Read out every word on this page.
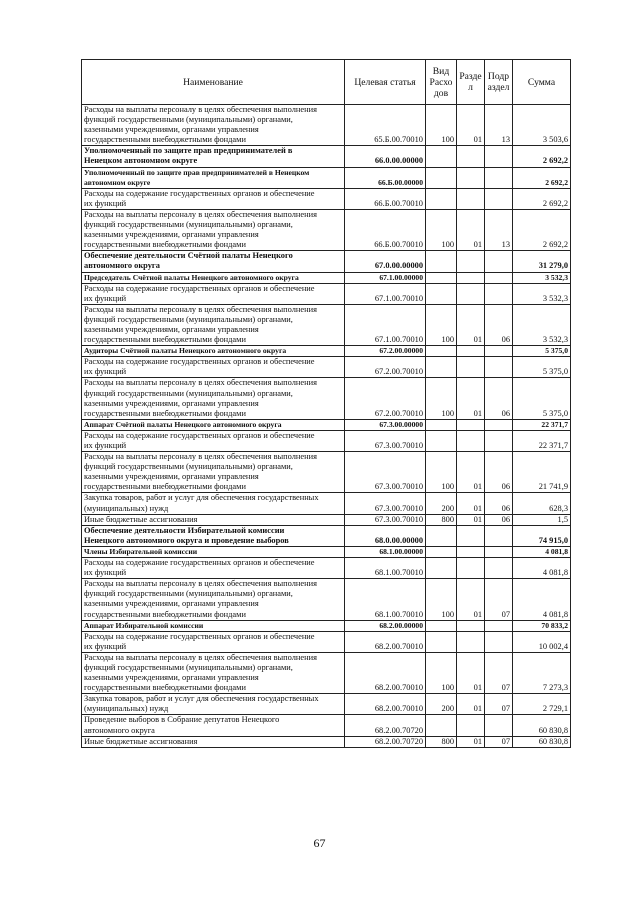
Наименование	Целевая статья	Вид Расхо дов	Разде л	Подр аздел	Сумма

Расходы на выплаты персоналу в целях обеспечения выполнения
функций государственными (муниципальными) органами,
казенными учреждениями, органами управления
государственными внебюджетными фондами	65.Б.00.70010	100	01	13	3 503,6

Уполномоченный по защите прав предпринимателей в
Ненецком автономном округе	66.0.00.00000				2 692,2

Уполномоченный по защите прав предпринимателей в Ненецком
автономном округе	66.Б.00.00000				2 692,2

Расходы на содержание государственных органов и обеспечение
их функций	66.Б.00.70010				2 692,2

Расходы на выплаты персоналу в целях обеспечения выполнения
функций государственными (муниципальными) органами,
казенными учреждениями, органами управления
государственными внебюджетными фондами	66.Б.00.70010	100	01	13	2 692,2

Обеспечение деятельности Счётной палаты Ненецкого
автономного округа	67.0.00.00000				31 279,0

Председатель Счётной палаты Ненецкого автономного округа	67.1.00.00000				3 532,3

Расходы на содержание государственных органов и обеспечение
их функций	67.1.00.70010				3 532,3

Расходы на выплаты персоналу в целях обеспечения выполнения
функций государственными (муниципальными) органами,
казенными учреждениями, органами управления
государственными внебюджетными фондами	67.1.00.70010	100	01	06	3 532,3

Аудиторы Счётной палаты Ненецкого автономного округа	67.2.00.00000				5 375,0

Расходы на содержание государственных органов и обеспечение
их функций	67.2.00.70010				5 375,0

Расходы на выплаты персоналу в целях обеспечения выполнения
функций государственными (муниципальными) органами,
казенными учреждениями, органами управления
государственными внебюджетными фондами	67.2.00.70010	100	01	06	5 375,0

Аппарат Счётной палаты Ненецкого автономного округа	67.3.00.00000				22 371,7

Расходы на содержание государственных органов и обеспечение
их функций	67.3.00.70010				22 371,7

Расходы на выплаты персоналу в целях обеспечения выполнения
функций государственными (муниципальными) органами,
казенными учреждениями, органами управления
государственными внебюджетными фондами	67.3.00.70010	100	01	06	21 741,9

Закупка товаров, работ и услуг для обеспечения государственных
(муниципальных) нужд	67.3.00.70010	200	01	06	628,3

Иные бюджетные ассигнования	67.3.00.70010	800	01	06	1,5

Обеспечение деятельности Избирательной комиссии
Ненецкого автономного округа и проведение выборов	68.0.00.00000				74 915,0

Члены Избирательной комиссии	68.1.00.00000				4 081,8

Расходы на содержание государственных органов и обеспечение
их функций	68.1.00.70010				4 081,8

Расходы на выплаты персоналу в целях обеспечения выполнения
функций государственными (муниципальными) органами,
казенными учреждениями, органами управления
государственными внебюджетными фондами	68.1.00.70010	100	01	07	4 081,8

Аппарат Избирательной комиссии	68.2.00.00000				70 833,2

Расходы на содержание государственных органов и обеспечение
их функций	68.2.00.70010				10 002,4

Расходы на выплаты персоналу в целях обеспечения выполнения
функций государственными (муниципальными) органами,
казенными учреждениями, органами управления
государственными внебюджетными фондами	68.2.00.70010	100	01	07	7 273,3

Закупка товаров, работ и услуг для обеспечения государственных
(муниципальных) нужд	68.2.00.70010	200	01	07	2 729,1

Проведение выборов в Собрание депутатов Ненецкого
автономного округа	68.2.00.70720				60 830,8

Иные бюджетные ассигнования	68.2.00.70720	800	01	07	60 830,8
67
